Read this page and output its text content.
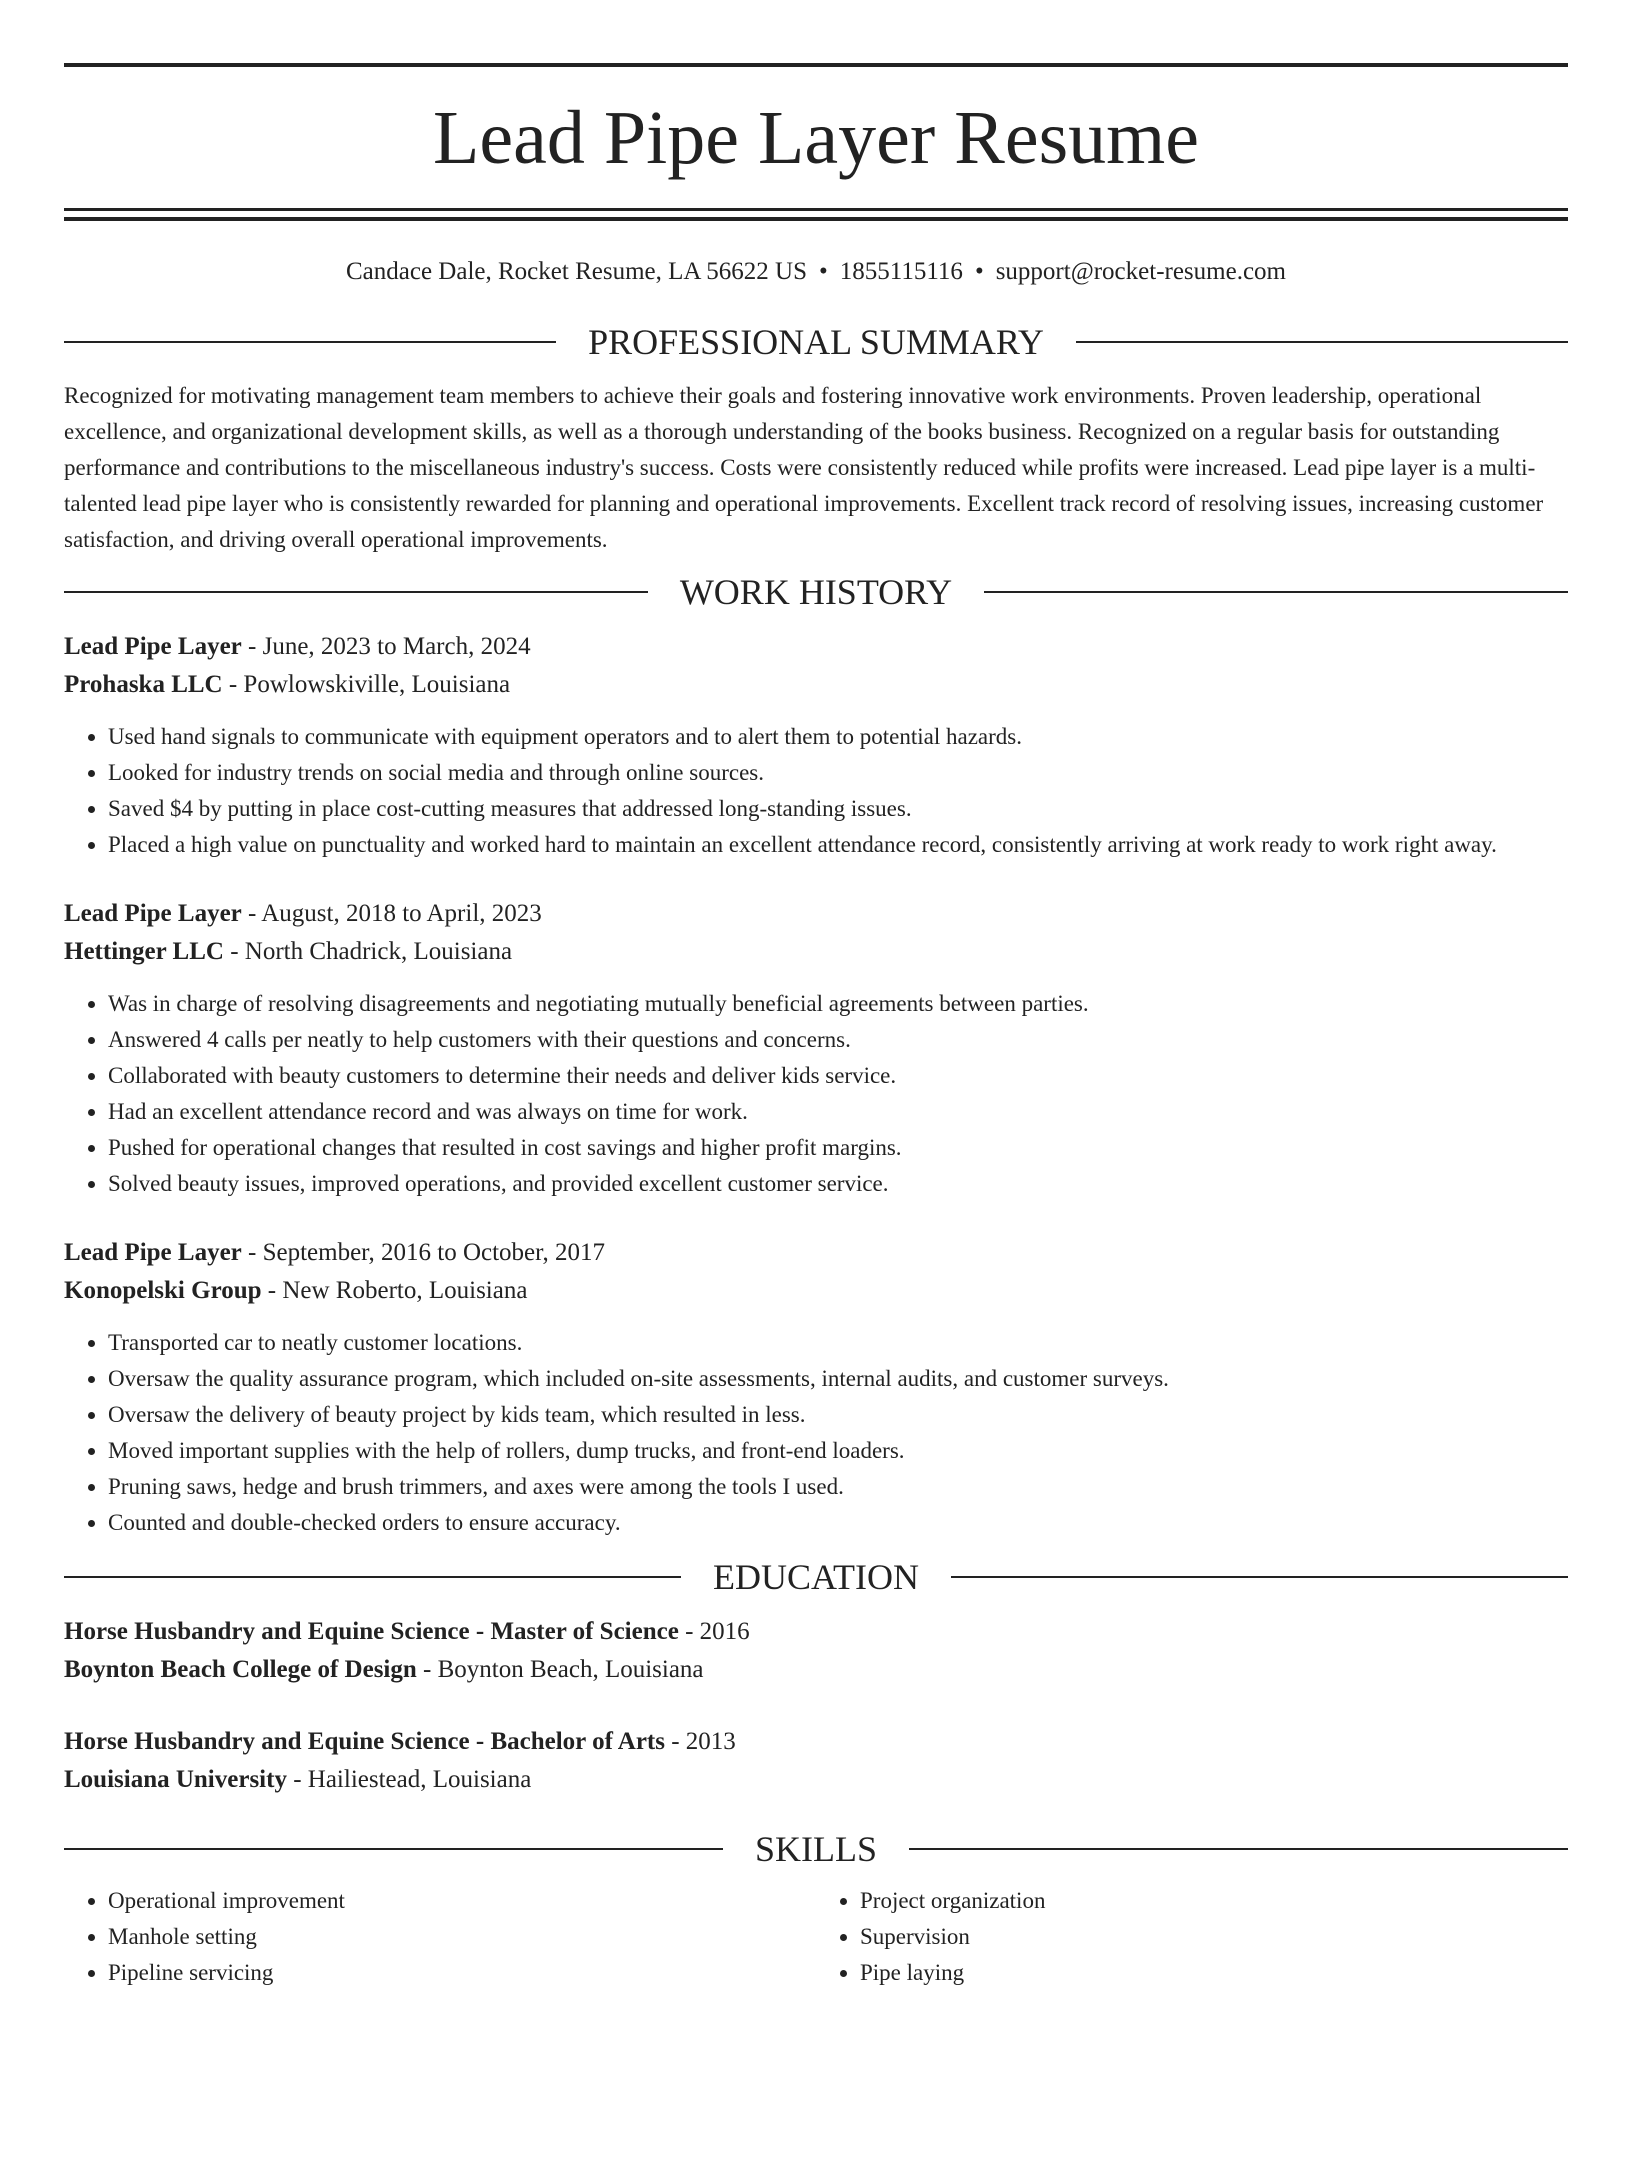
Lead Pipe Layer Resume
Candace Dale, Rocket Resume, LA 56622 US • 1855115116 • support@rocket-resume.com
PROFESSIONAL SUMMARY

Recognized for motivating management team members to achieve their goals and fostering innovative work environments. Proven leadership, operational excellence, and organizational development skills, as well as a thorough understanding of the books business. Recognized on a regular basis for outstanding performance and contributions to the miscellaneous industry's success. Costs were consistently reduced while profits were increased. Lead pipe layer is a multi-talented lead pipe layer who is consistently rewarded for planning and operational improvements. Excellent track record of resolving issues, increasing customer satisfaction, and driving overall operational improvements.

WORK HISTORY
Lead Pipe Layer - June, 2023 to March, 2024
Prohaska LLC - Powlowskiville, Louisiana
• Used hand signals to communicate with equipment operators and to alert them to potential hazards.
• Looked for industry trends on social media and through online sources.
• Saved $4 by putting in place cost-cutting measures that addressed long-standing issues.
• Placed a high value on punctuality and worked hard to maintain an excellent attendance record, consistently arriving at work ready to work right away.
Lead Pipe Layer - August, 2018 to April, 2023
Hettinger LLC - North Chadrick, Louisiana
• Was in charge of resolving disagreements and negotiating mutually beneficial agreements between parties.
• Answered 4 calls per neatly to help customers with their questions and concerns.
• Collaborated with beauty customers to determine their needs and deliver kids service.
• Had an excellent attendance record and was always on time for work.
• Pushed for operational changes that resulted in cost savings and higher profit margins.
• Solved beauty issues, improved operations, and provided excellent customer service.
Lead Pipe Layer - September, 2016 to October, 2017
Konopelski Group - New Roberto, Louisiana
• Transported car to neatly customer locations.
• Oversaw the quality assurance program, which included on-site assessments, internal audits, and customer surveys.
• Oversaw the delivery of beauty project by kids team, which resulted in less.
• Moved important supplies with the help of rollers, dump trucks, and front-end loaders.
• Pruning saws, hedge and brush trimmers, and axes were among the tools I used.
• Counted and double-checked orders to ensure accuracy.
EDUCATION
Horse Husbandry and Equine Science - Master of Science - 2016
Boynton Beach College of Design - Boynton Beach, Louisiana
Horse Husbandry and Equine Science - Bachelor of Arts - 2013
Louisiana University - Hailiestead, Louisiana
SKILLS
• Operational improvement
• Manhole setting
• Pipeline servicing
• Project organization
• Supervision
• Pipe laying
